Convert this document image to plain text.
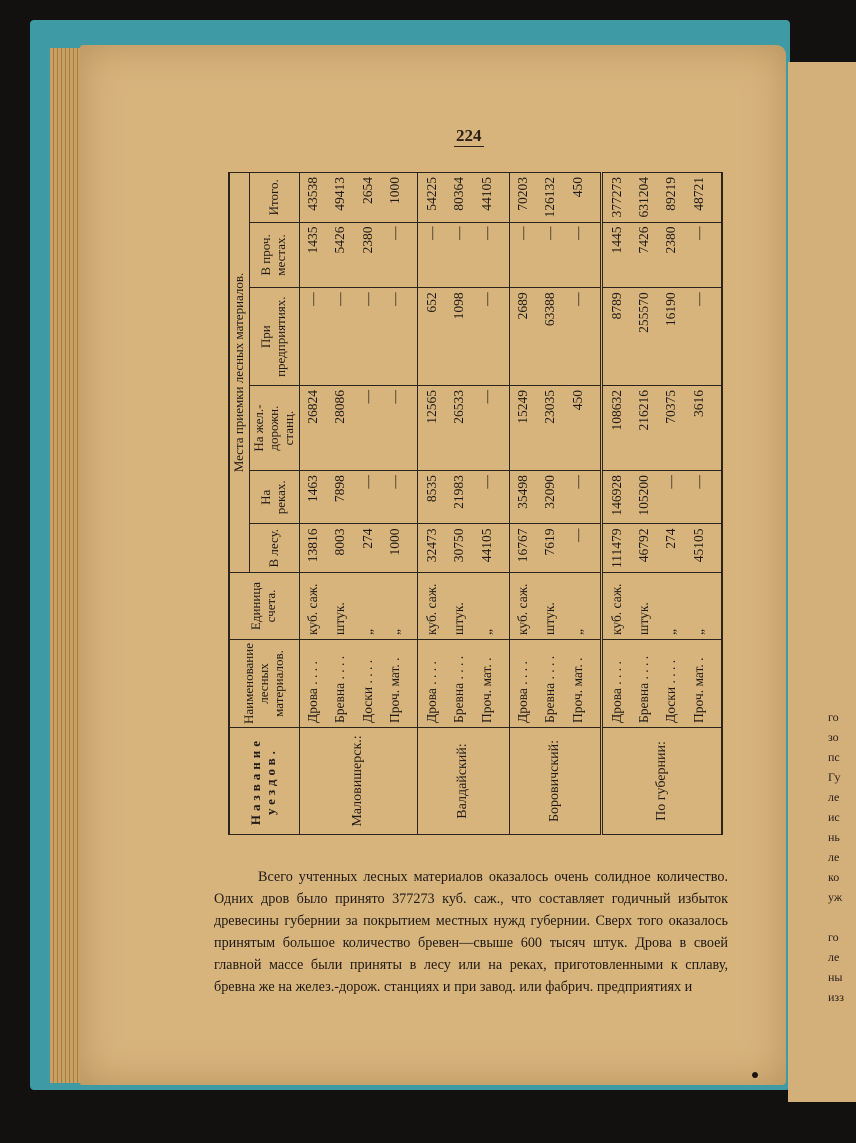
го
зо
пс
Гу
ле
ис
нь
ле
ко
уж
го
ле
ны
изз
224
Название уездов.	Наименование лесных материалов.	Единица счета.	Места приемки лесных материалов.					
			В лесу.	На реках.	На жел.-дорожн. станц.	При предприятиях.	В проч. местах.	Итого.
Маловишерск.:	Дрова . . . .	куб. саж.	13816	1463	26824	—	1435	43538
	Бревна . . . .	штук.	8003	7898	28086	—	5426	49413
	Доски . . . .	„	274	—	—	—	2380	2654
	Проч. мат. .	„	1000	—	—	—	—	1000
Валдайский:	Дрова . . . .	куб. саж.	32473	8535	12565	652	—	54225
	Бревна . . . .	штук.	30750	21983	26533	1098	—	80364
	Проч. мат. .	„	44105	—	—	—	—	44105
Боровичский:	Дрова . . . .	куб. саж.	16767	35498	15249	2689	—	70203
	Бревна . . . .	штук.	7619	32090	23035	63388	—	126132
	Проч. мат. .	„	—	—	450	—	—	450
По губернии:	Дрова . . . .	куб. саж.	111479	146928	108632	8789	1445	377273
	Бревна . . . .	штук.	46792	105200	216216	255570	7426	631204
	Доски . . . .	„	274	—	70375	16190	2380	89219
	Проч. мат. .	„	45105	—	3616	—	—	48721
Всего учтенных лесных материалов оказалось очень солидное количество. Одних дров было принято 377273 куб. саж., что составляет годичный избыток древесины губернии за покрытием местных нужд губернии. Сверх того оказалось принятым большое количество бревен—свыше 600 тысяч штук. Дрова в своей главной массе были приняты в лесу или на реках, приготовленными к сплаву, бревна же на желез.-дорож. станциях и при завод. или фабрич. предприятиях и
